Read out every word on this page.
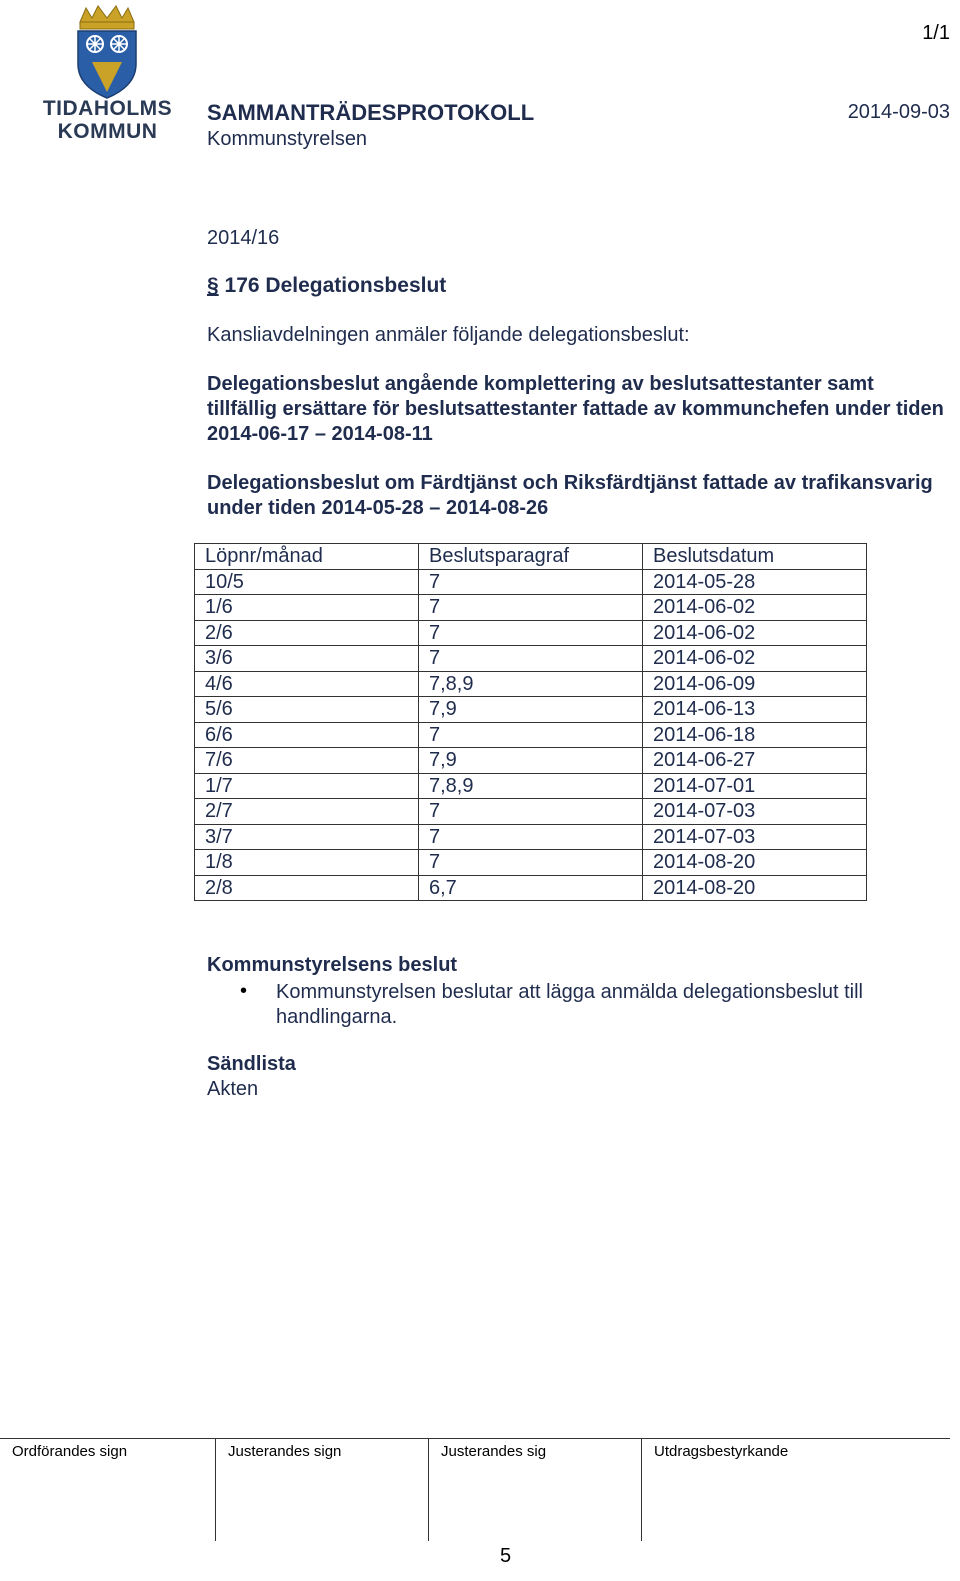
TIDAHOLMS
KOMMUN
1/1
SAMMANTRÄDESPROTOKOLL
Kommunstyrelsen
2014-09-03
2014/16
§ 176 Delegationsbeslut
Kansliavdelningen anmäler följande delegationsbeslut:
Delegationsbeslut angående komplettering av beslutsattestanter samt tillfällig ersättare för beslutsattestanter fattade av kommunchefen under tiden 2014-06-17 – 2014-08-11
Delegationsbeslut om Färdtjänst och Riksfärdtjänst fattade av trafikansvarig under tiden 2014-05-28 – 2014-08-26
Löpnr/månad	Beslutsparagraf	Beslutsdatum
10/5	7	2014-05-28
1/6	7	2014-06-02
2/6	7	2014-06-02
3/6	7	2014-06-02
4/6	7,8,9	2014-06-09
5/6	7,9	2014-06-13
6/6	7	2014-06-18
7/6	7,9	2014-06-27
1/7	7,8,9	2014-07-01
2/7	7	2014-07-03
3/7	7	2014-07-03
1/8	7	2014-08-20
2/8	6,7	2014-08-20
Kommunstyrelsens beslut
• Kommunstyrelsen beslutar att lägga anmälda delegationsbeslut till handlingarna.
Sändlista
Akten
Ordförandes sign	Justerandes sign	Justerandes sig	Utdragsbestyrkande
5
